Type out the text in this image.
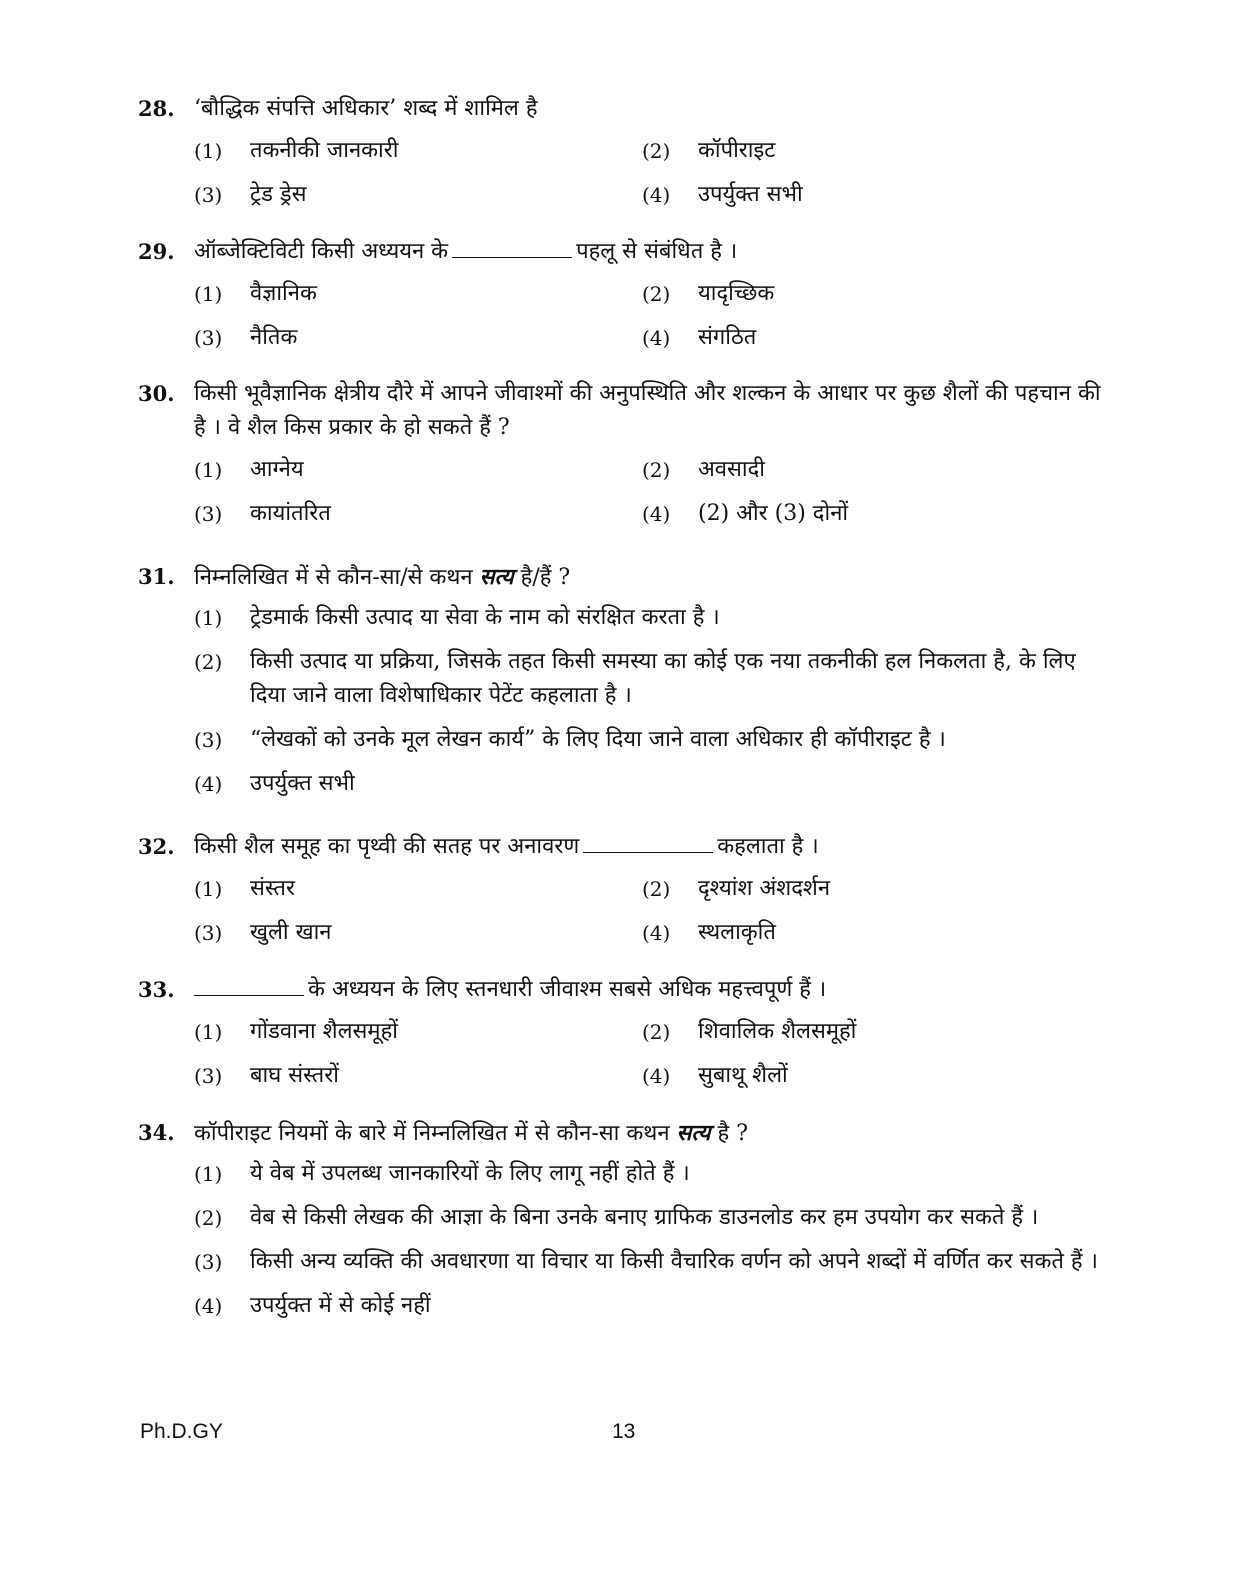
28. ‘बौद्धिक संपत्ति अधिकार’ शब्द में शामिल है
(1)	तकनीकी जानकारी	(2)	कॉपीराइट
(3)	ट्रेड ड्रेस	(4)	उपर्युक्त सभी
29. ऑब्जेक्टिविटी किसी अध्ययन के	पहलू से संबंधित है ।
(1)	वैज्ञानिक	(2)	यादृच्छिक
(3)	नैतिक	(4)	संगठित
30. किसी भूवैज्ञानिक क्षेत्रीय दौरे में आपने जीवाश्मों की अनुपस्थिति और शल्कन के आधार पर कुछ शैलों की पहचान की है । वे शैल किस प्रकार के हो सकते हैं ?
(1)	आग्नेय	(2)	अवसादी
(3)	कायांतरित	(4)	(2) और (3) दोनों
31. निम्नलिखित में से कौन-सा/से कथन सत्य है/हैं ?
(1)	ट्रेडमार्क किसी उत्पाद या सेवा के नाम को संरक्षित करता है ।
(2)	किसी उत्पाद या प्रक्रिया, जिसके तहत किसी समस्या का कोई एक नया तकनीकी हल निकलता है, के लिए दिया जाने वाला विशेषाधिकार पेटेंट कहलाता है ।
(3)	“लेखकों को उनके मूल लेखन कार्य” के लिए दिया जाने वाला अधिकार ही कॉपीराइट है ।
(4)	उपर्युक्त सभी
32. किसी शैल समूह का पृथ्वी की सतह पर अनावरण	कहलाता है ।
(1)	संस्तर	(2)	दृश्यांश अंशदर्शन
(3)	खुली खान	(4)	स्थलाकृति
33.	के अध्ययन के लिए स्तनधारी जीवाश्म सबसे अधिक महत्त्वपूर्ण हैं ।
(1)	गोंडवाना शैलसमूहों	(2)	शिवालिक शैलसमूहों
(3)	बाघ संस्तरों	(4)	सुबाथू शैलों
34. कॉपीराइट नियमों के बारे में निम्नलिखित में से कौन-सा कथन सत्य है ?
(1)	ये वेब में उपलब्ध जानकारियों के लिए लागू नहीं होते हैं ।
(2)	वेब से किसी लेखक की आज्ञा के बिना उनके बनाए ग्राफिक डाउनलोड कर हम उपयोग कर सकते हैं ।
(3)	किसी अन्य व्यक्ति की अवधारणा या विचार या किसी वैचारिक वर्णन को अपने शब्दों में वर्णित कर सकते हैं ।
(4)	उपर्युक्त में से कोई नहीं
Ph.D.GY	13
